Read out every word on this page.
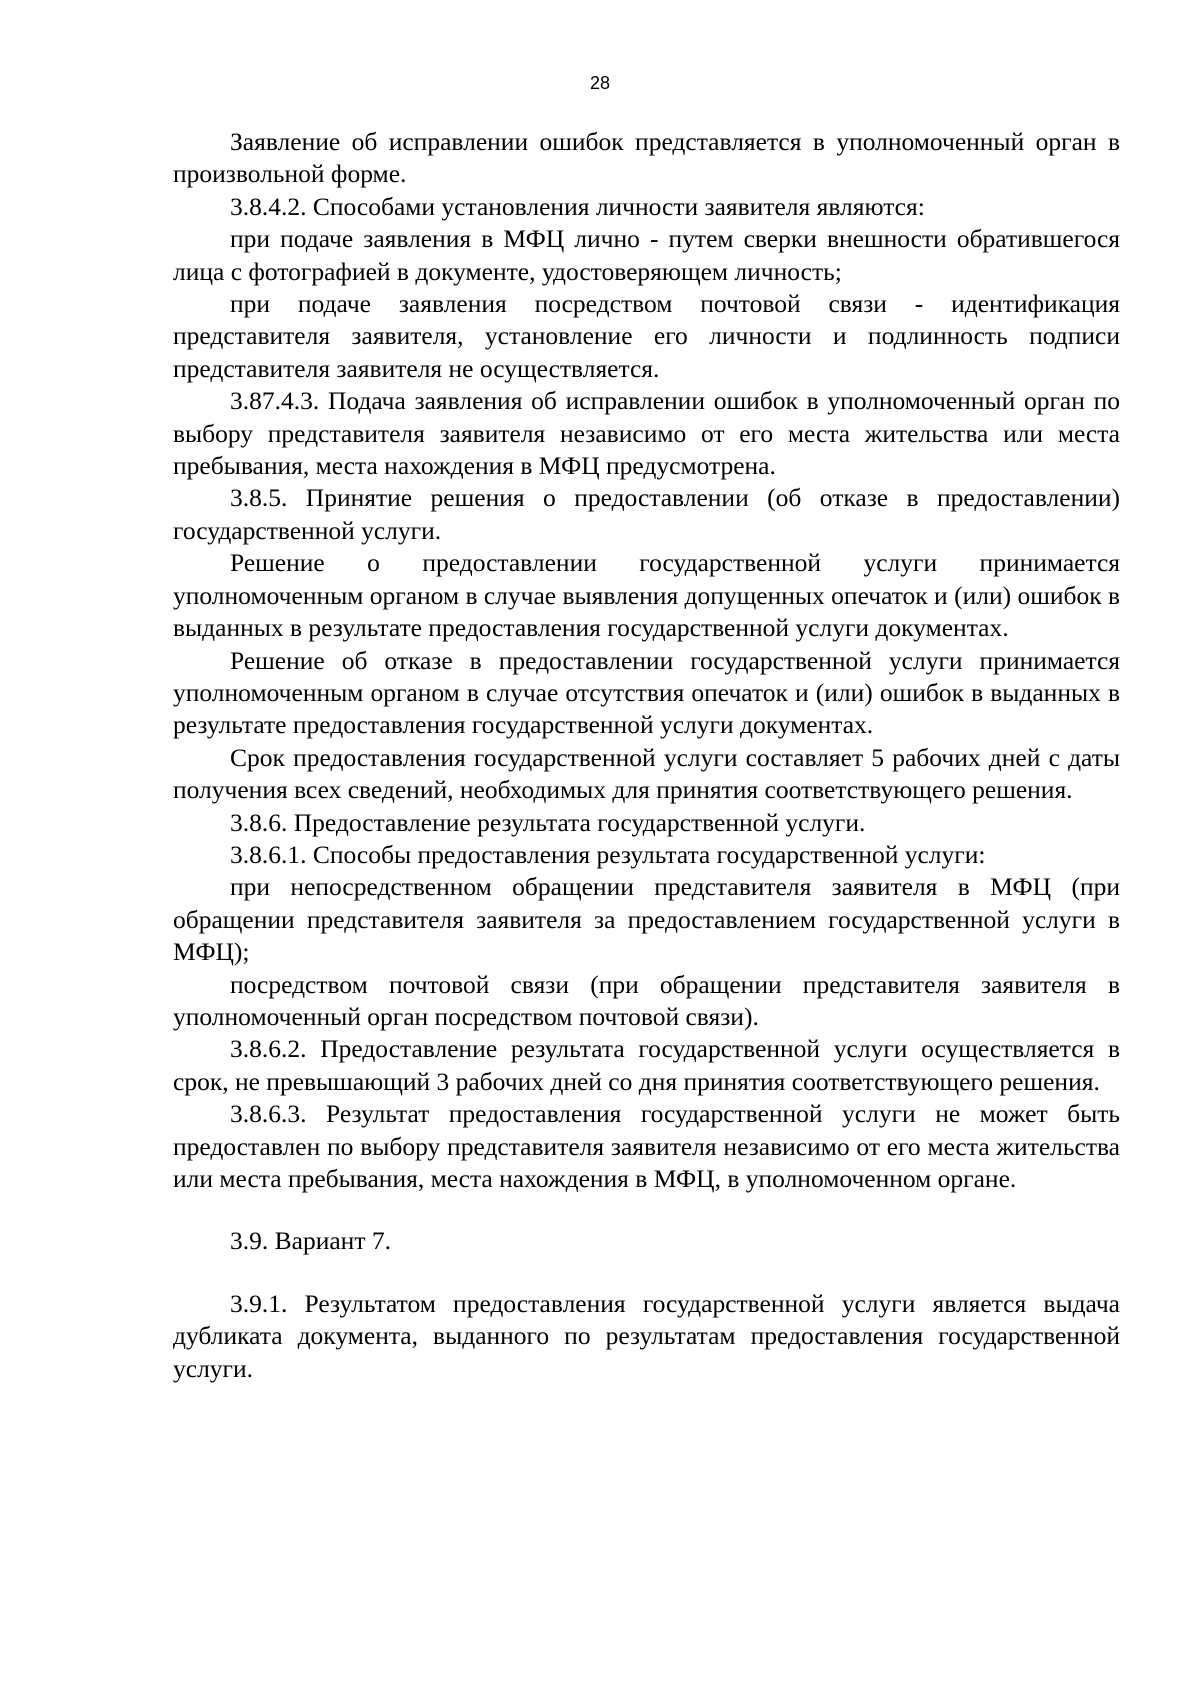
28

Заявление об исправлении ошибок представляется в уполномоченный орган в произвольной форме.

3.8.4.2. Способами установления личности заявителя являются:

при подаче заявления в МФЦ лично - путем сверки внешности обратившегося лица с фотографией в документе, удостоверяющем личность;

при подаче заявления посредством почтовой связи - идентификация представителя заявителя, установление его личности и подлинность подписи представителя заявителя не осуществляется.

3.87.4.3. Подача заявления об исправлении ошибок в уполномоченный орган по выбору представителя заявителя независимо от его места жительства или места пребывания, места нахождения в МФЦ предусмотрена.

3.8.5. Принятие решения о предоставлении (об отказе в предоставлении) государственной услуги.

Решение о предоставлении государственной услуги принимается уполномоченным органом в случае выявления допущенных опечаток и (или) ошибок в выданных в результате предоставления государственной услуги документах.

Решение об отказе в предоставлении государственной услуги принимается уполномоченным органом в случае отсутствия опечаток и (или) ошибок в выданных в результате предоставления государственной услуги документах.

Срок предоставления государственной услуги составляет 5 рабочих дней с даты получения всех сведений, необходимых для принятия соответствующего решения.

3.8.6. Предоставление результата государственной услуги.

3.8.6.1. Способы предоставления результата государственной услуги:

при непосредственном обращении представителя заявителя в МФЦ (при обращении представителя заявителя за предоставлением государственной услуги в МФЦ);

посредством почтовой связи (при обращении представителя заявителя в уполномоченный орган посредством почтовой связи).

3.8.6.2. Предоставление результата государственной услуги осуществляется в срок, не превышающий 3 рабочих дней со дня принятия соответствующего решения.

3.8.6.3. Результат предоставления государственной услуги не может быть предоставлен по выбору представителя заявителя независимо от его места жительства или места пребывания, места нахождения в МФЦ, в уполномоченном органе.

3.9. Вариант 7.

3.9.1. Результатом предоставления государственной услуги является выдача дубликата документа, выданного по результатам предоставления государственной услуги.
